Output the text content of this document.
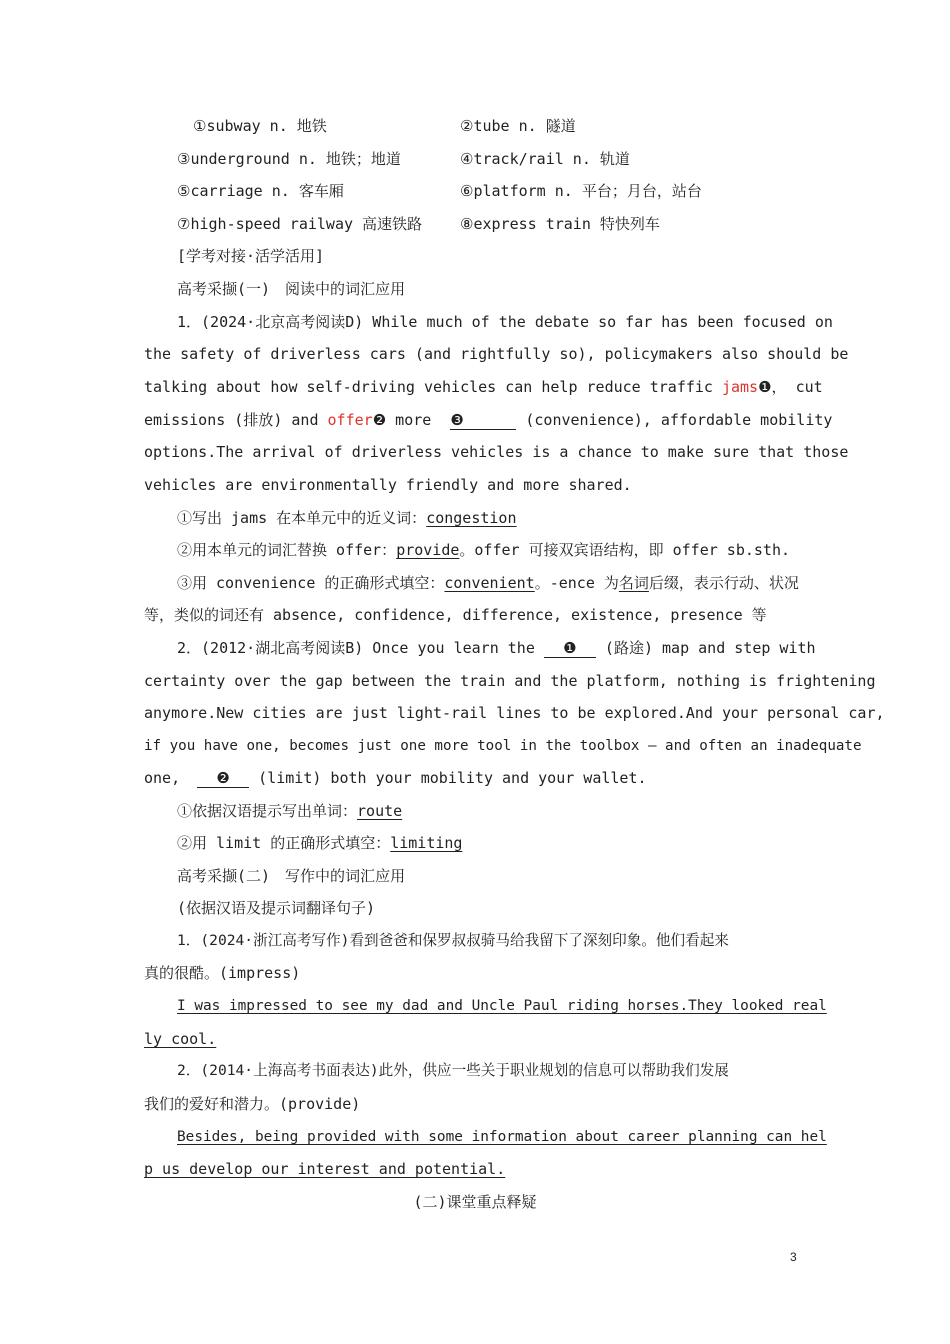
①subway n. 地铁	②tube n. 隧道
③underground n. 地铁；地道	④track/rail n. 轨道
⑤carriage n. 客车厢	⑥platform n. 平台；月台，站台
⑦high-speed railway 高速铁路	⑧express train 特快列车
[学考对接·活学活用]
高考采撷(一)　阅读中的词汇应用
1．(2024·北京高考阅读D) While much of the debate so far has been focused on
the safety of driverless cars (and rightfully so), policymakers also should be
talking about how self-driving vehicles can help reduce traffic jams❶， cut
emissions (排放) and offer❷ more ❸	(convenience), affordable mobility
options.The arrival of driverless vehicles is a chance to make sure that those
vehicles are environmentally friendly and more shared.
①写出 jams 在本单元中的近义词：congestion
②用本单元的词汇替换 offer：provide。offer 可接双宾语结构，即 offer sb.sth.
③用 convenience 的正确形式填空：convenient。-ence 为名词后缀，表示行动、状况
等，类似的词还有 absence, confidence, difference, existence, presence 等
2．(2012·湖北高考阅读B) Once you learn the ❶ (路途) map and step with
certainty over the gap between the train and the platform, nothing is frightening
anymore.New cities are just light-rail lines to be explored.And your personal car,
if you have one, becomes just one more tool in the toolbox — and often an inadequate
one, ❷ (limit) both your mobility and your wallet.
①依据汉语提示写出单词：route
②用 limit 的正确形式填空：limiting
高考采撷(二)　写作中的词汇应用
(依据汉语及提示词翻译句子)
1．(2024·浙江高考写作)看到爸爸和保罗叔叔骑马给我留下了深刻印象。他们看起来
真的很酷。(impress)
I was impressed to see my dad and Uncle Paul riding horses.They looked real
ly cool.
2．(2014·上海高考书面表达)此外，供应一些关于职业规划的信息可以帮助我们发展
我们的爱好和潜力。(provide)
Besides, being provided with some information about career planning can hel
p us develop our interest and potential.
(二)课堂重点释疑
3
